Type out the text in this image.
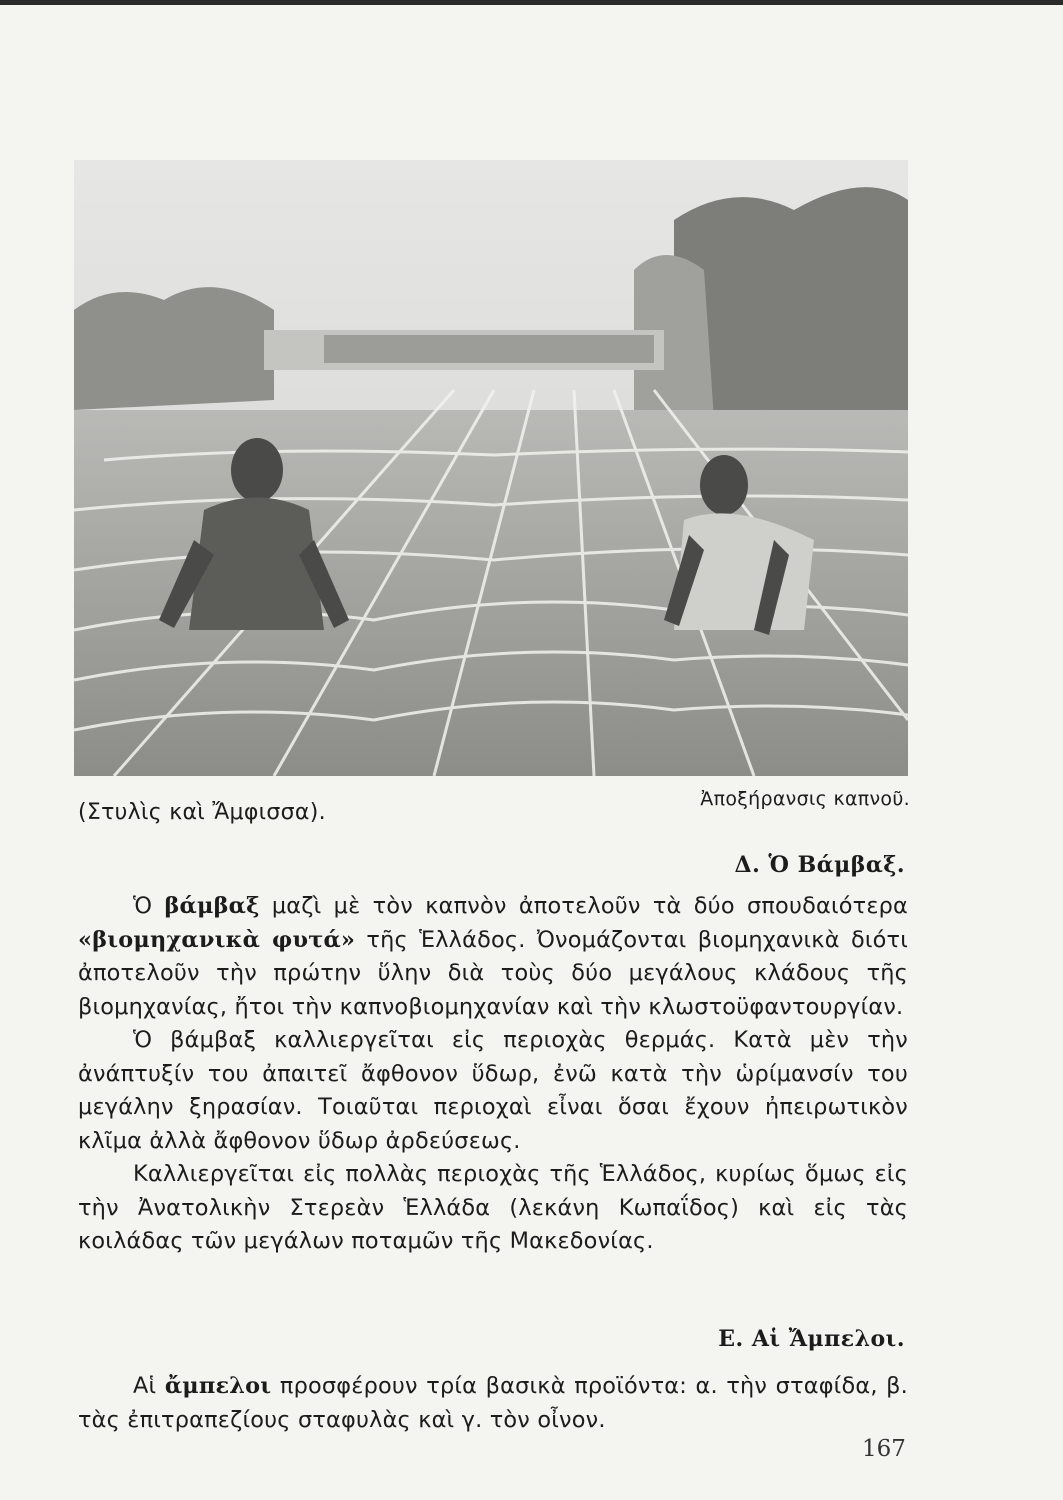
(Στυλὶς καὶ Ἄμφισσα).
Ἀποξήρανσις καπνοῦ.
Δ. Ὁ Βάμβαξ.

Ὁ βάμβαξ μαζὶ μὲ τὸν καπνὸν ἀποτελοῦν τὰ δύο σπουδαιότερα «βιομηχανικὰ φυτά» τῆς Ἑλλάδος. Ὀνομάζονται βιομηχανικὰ διότι ἀποτελοῦν τὴν πρώτην ὕλην διὰ τοὺς δύο μεγάλους κλάδους τῆς βιομηχανίας, ἤτοι τὴν καπνοβιομηχανίαν καὶ τὴν κλωστοϋφαντουργίαν.

Ὁ βάμβαξ καλλιεργεῖται εἰς περιοχὰς θερμάς. Κατὰ μὲν τὴν ἀνάπτυξίν του ἀπαιτεῖ ἄφθονον ὕδωρ, ἐνῶ κατὰ τὴν ὡρίμανσίν του μεγάλην ξηρασίαν. Τοιαῦται περιοχαὶ εἶναι ὅσαι ἔχουν ἠπειρωτικὸν κλῖμα ἀλλὰ ἄφθονον ὕδωρ ἀρδεύσεως.

Καλλιεργεῖται εἰς πολλὰς περιοχὰς τῆς Ἑλλάδος, κυρίως ὅμως εἰς τὴν Ἀνατολικὴν Στερεὰν Ἑλλάδα (λεκάνη Κωπαΐδος) καὶ εἰς τὰς κοιλάδας τῶν μεγάλων ποταμῶν τῆς Μακεδονίας.

Ε. Αἱ Ἄμπελοι.

Αἱ ἄμπελοι προσφέρουν τρία βασικὰ προϊόντα: α. τὴν σταφίδα, β. τὰς ἐπιτραπεζίους σταφυλὰς καὶ γ. τὸν οἶνον.

167
